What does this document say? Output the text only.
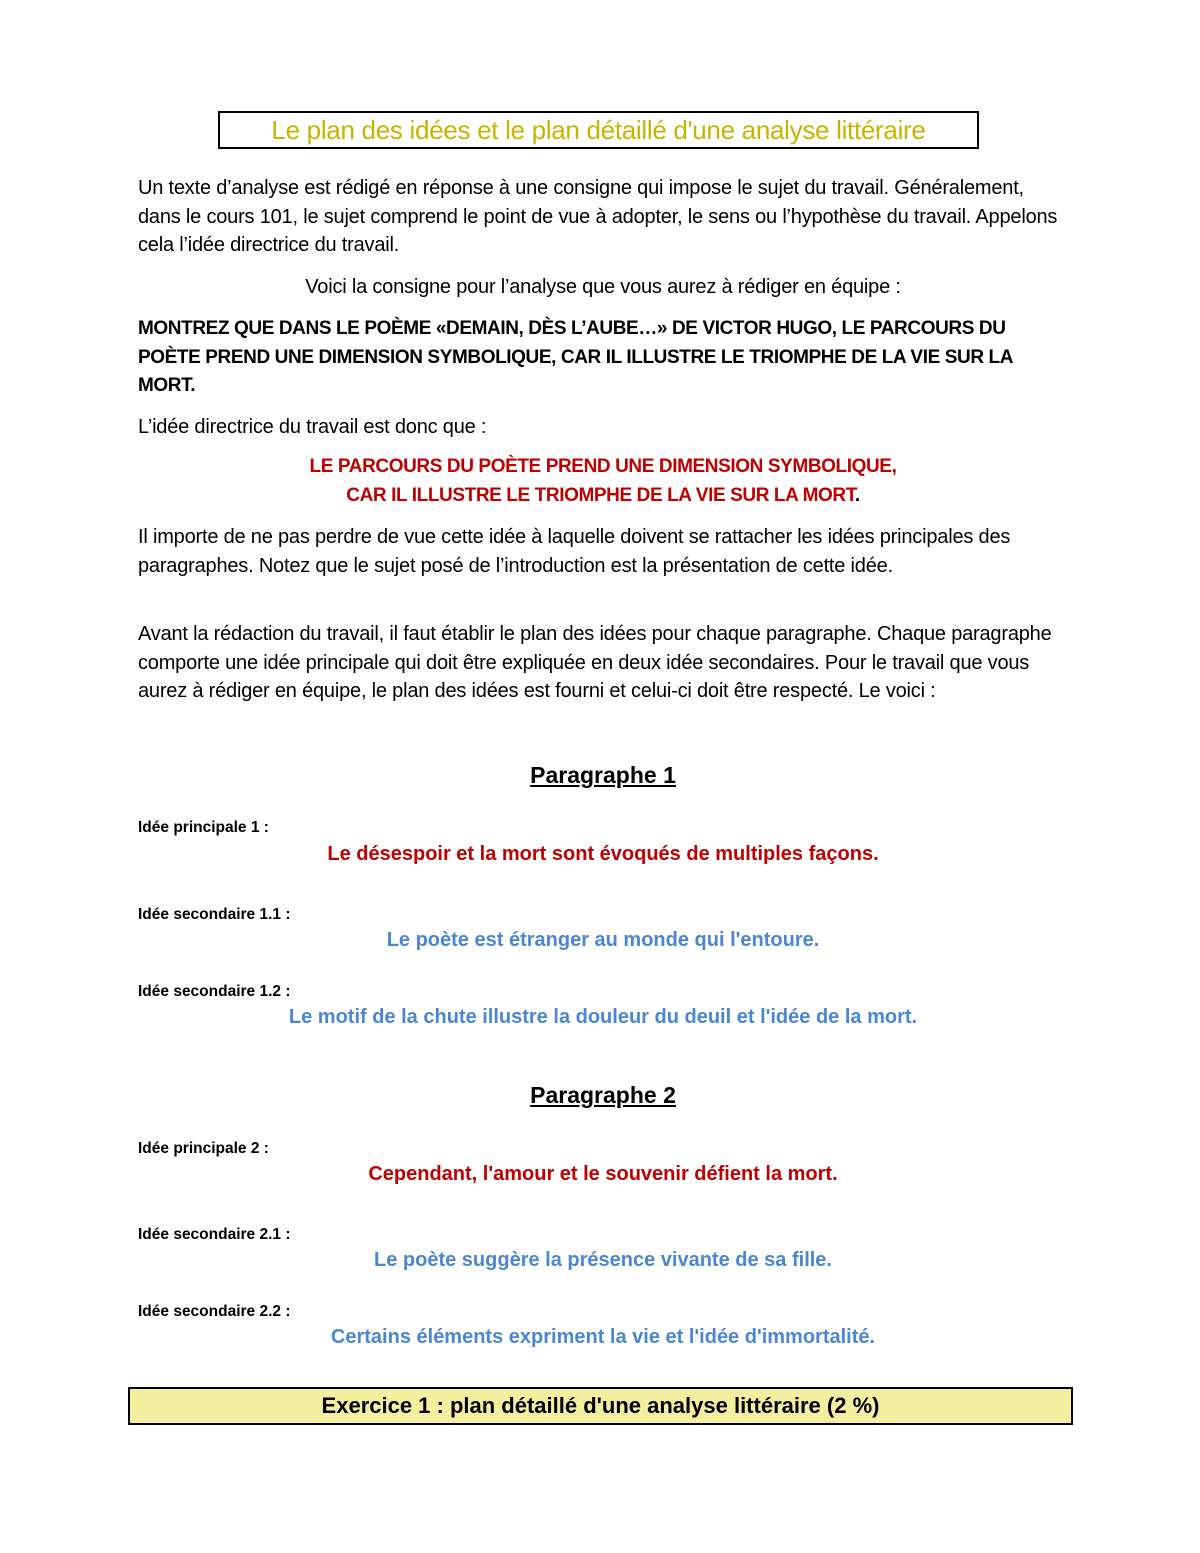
Le plan des idées et le plan détaillé d'une analyse littéraire
Un texte d’analyse est rédigé en réponse à une consigne qui impose le sujet du travail. Généralement, dans le cours 101, le sujet comprend le point de vue à adopter, le sens ou l’hypothèse du travail. Appelons cela l’idée directrice du travail.
Voici la consigne pour l’analyse que vous aurez à rédiger en équipe :
MONTREZ QUE DANS LE POÈME «DEMAIN, DÈS L’AUBE…» DE VICTOR HUGO, LE PARCOURS DU POÈTE PREND UNE DIMENSION SYMBOLIQUE, CAR IL ILLUSTRE LE TRIOMPHE DE LA VIE SUR LA MORT.
L’idée directrice du travail est donc que :
LE PARCOURS DU POÈTE PREND UNE DIMENSION SYMBOLIQUE,
CAR IL ILLUSTRE LE TRIOMPHE DE LA VIE SUR LA MORT.
Il importe de ne pas perdre de vue cette idée à laquelle doivent se rattacher les idées principales des paragraphes. Notez que le sujet posé de l’introduction est la présentation de cette idée.
Avant la rédaction du travail, il faut établir le plan des idées pour chaque paragraphe. Chaque paragraphe comporte une idée principale qui doit être expliquée en deux idée secondaires. Pour le travail que vous aurez à rédiger en équipe, le plan des idées est fourni et celui-ci doit être respecté. Le voici :
Paragraphe 1
Idée principale 1 :
Le désespoir et la mort sont évoqués de multiples façons.
Idée secondaire 1.1 :
Le poète est étranger au monde qui l'entoure.
Idée secondaire 1.2 :
Le motif de la chute illustre la douleur du deuil et l'idée de la mort.
Paragraphe 2
Idée principale 2 :
Cependant, l'amour et le souvenir défient la mort.
Idée secondaire 2.1 :
Le poète suggère la présence vivante de sa fille.
Idée secondaire 2.2 :
Certains éléments expriment la vie et l'idée d'immortalité.
Exercice 1 : plan détaillé d'une analyse littéraire (2 %)
